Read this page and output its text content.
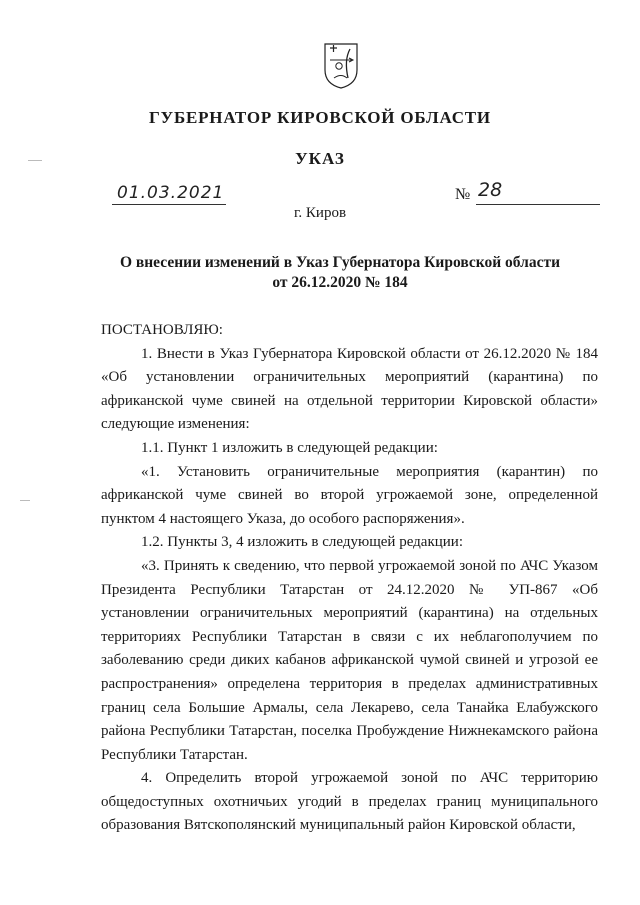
ГУБЕРНАТОР КИРОВСКОЙ ОБЛАСТИ
УКАЗ
01.03.2021	№ 28
г. Киров
О внесении изменений в Указ Губернатора Кировской области
от 26.12.2020 № 184

ПОСТАНОВЛЯЮ:

1. Внести в Указ Губернатора Кировской области от 26.12.2020 № 184 «Об установлении ограничительных мероприятий (карантина) по африканской чуме свиней на отдельной территории Кировской области» следующие изменения:

1.1. Пункт 1 изложить в следующей редакции:

«1. Установить ограничительные мероприятия (карантин) по африканской чуме свиней во второй угрожаемой зоне, определенной пунктом 4 настоящего Указа, до особого распоряжения».

1.2. Пункты 3, 4 изложить в следующей редакции:

«3. Принять к сведению, что первой угрожаемой зоной по АЧС Указом Президента Республики Татарстан от 24.12.2020 № УП-867 «Об установлении ограничительных мероприятий (карантина) на отдельных территориях Республики Татарстан в связи с их неблагополучием по заболеванию среди диких кабанов африканской чумой свиней и угрозой ее распространения» определена территория в пределах административных границ села Большие Армалы, села Лекарево, села Танайка Елабужского района Республики Татарстан, поселка Пробуждение Нижнекамского района Республики Татарстан.

4. Определить второй угрожаемой зоной по АЧС территорию общедоступных охотничьих угодий в пределах границ муниципального образования Вятскополянский муниципальный район Кировской области,
